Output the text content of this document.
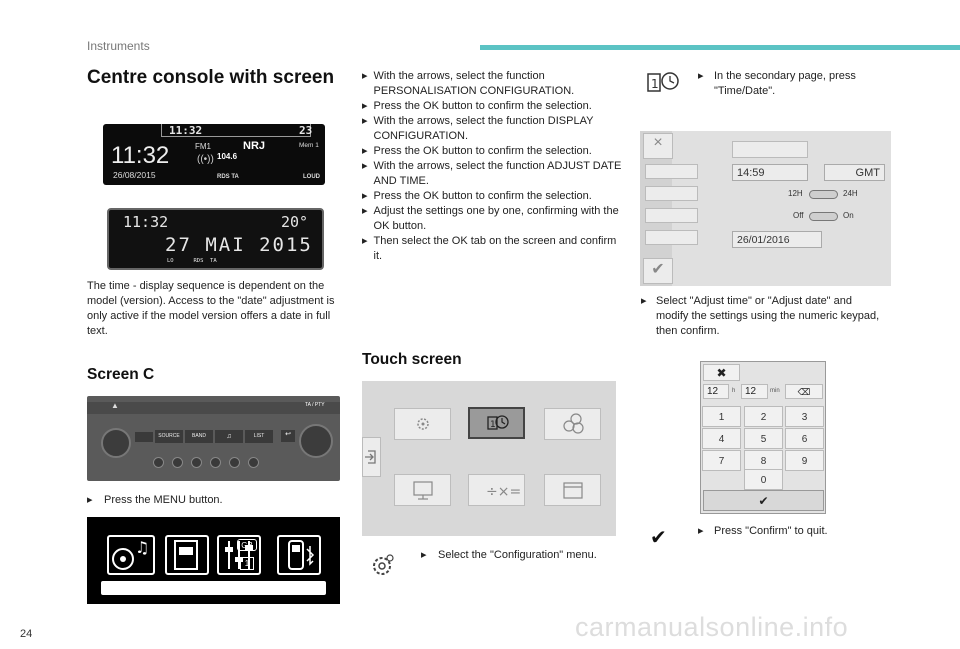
Instruments
Centre console with screen
11:32	23
11:32
26/08/2015
FM1	NRJ
104.6
Mem 1
((•))
RDS TA	LOUD
11:32	20°
27 MAI 2015
LO      RDS  TA
The time - display sequence is dependent on the model (version). Access to the "date" adjustment is only active if the model version offers a date in full text.
Screen C
▲	TA / PTY
SOURCE	BAND	♫	LIST	↩
▸ Press the MENU button.
♫	GB
1
▸ With the arrows, select the function PERSONALISATION CONFIGURATION.
▸ Press the OK button to confirm the selection.
▸ With the arrows, select the function DISPLAY CONFIGURATION.
▸ Press the OK button to confirm the selection.
▸ With the arrows, select the function ADJUST DATE AND TIME.
▸ Press the OK button to confirm the selection.
▸ Adjust the settings one by one, confirming with the OK button.
▸ Then select the OK tab on the screen and confirm it.
Touch screen
1
÷×=
▸ Select the "Configuration" menu.
1
▸ In the secondary page, press "Time/Date".
×
✔
14:59	GMT
12H	24H
Off	On
26/01/2016
▸ Select "Adjust time" or "Adjust date" and modify the settings using the numeric keypad, then confirm.
✖
12	h 12	min	⌫
1	2	3
4	5	6
7	8	9
0
✔
✔	▸ Press "Confirm" to quit.
24	carmanualsonline.info
